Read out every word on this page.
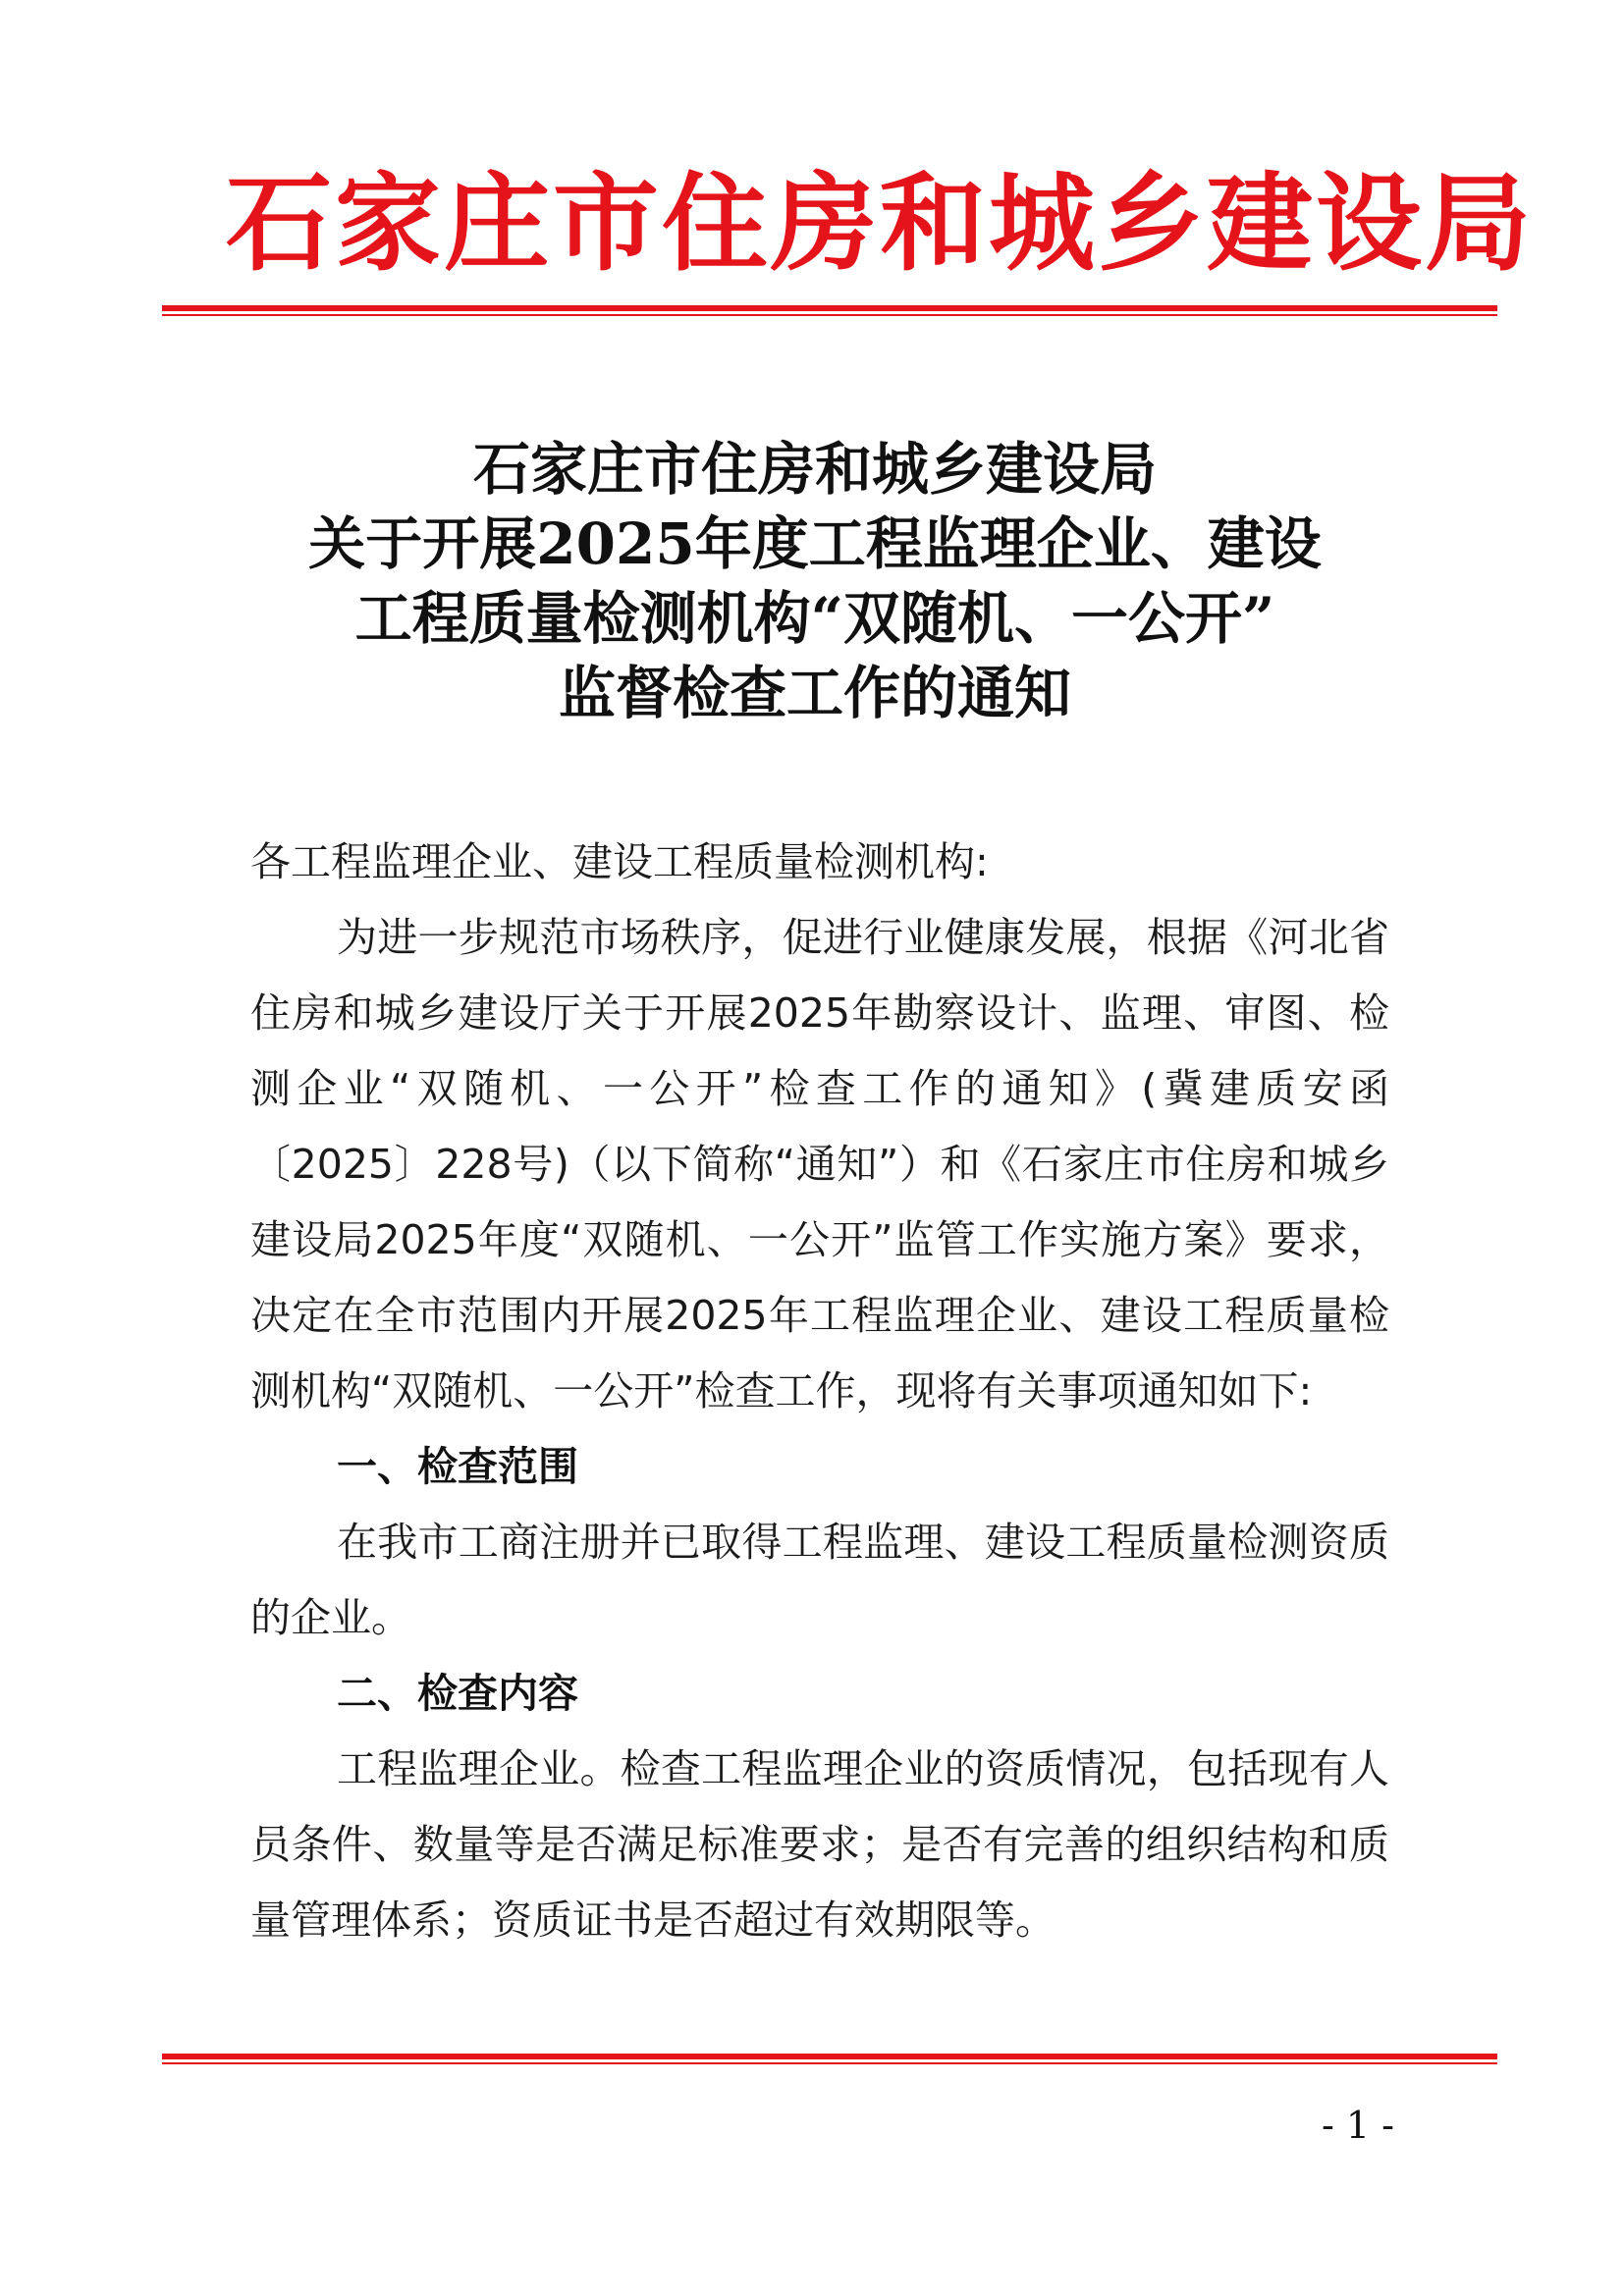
石家庄市住房和城乡建设局
石家庄市住房和城乡建设局
关于开展2025年度工程监理企业、建设
工程质量检测机构“双随机、一公开”
监督检查工作的通知

各工程监理企业、建设工程质量检测机构:

为进一步规范市场秩序，促进行业健康发展，根据《河北省住房和城乡建设厅关于开展2025年勘察设计、监理、审图、检测企业“双随机、一公开”检查工作的通知》(冀建质安函〔2025〕228号)（以下简称“通知”）和《石家庄市住房和城乡建设局2025年度“双随机、一公开”监管工作实施方案》要求，决定在全市范围内开展2025年工程监理企业、建设工程质量检测机构“双随机、一公开”检查工作，现将有关事项通知如下:

一、检查范围

在我市工商注册并已取得工程监理、建设工程质量检测资质的企业。

二、检查内容

工程监理企业。检查工程监理企业的资质情况，包括现有人员条件、数量等是否满足标准要求；是否有完善的组织结构和质量管理体系；资质证书是否超过有效期限等。

- 1 -
